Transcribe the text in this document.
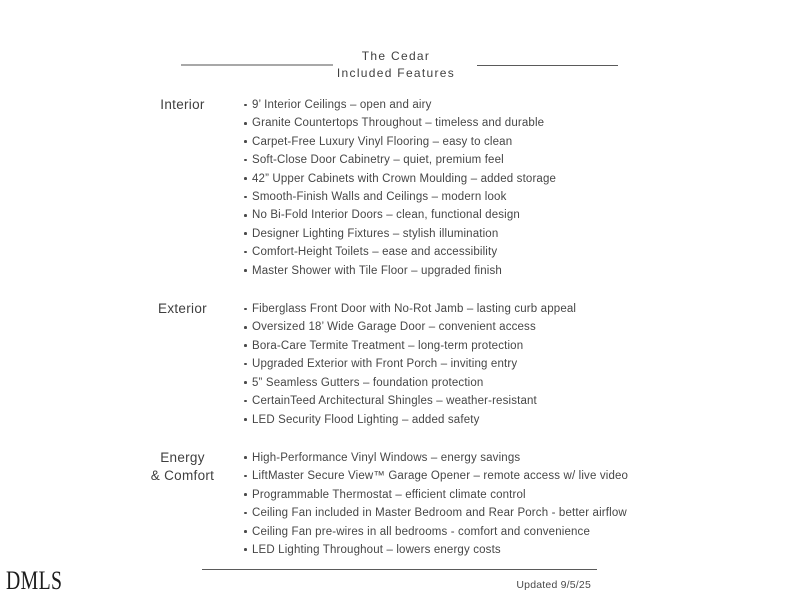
The Cedar
Included Features
Interior	9’ Interior Ceilings – open and airy
Granite Countertops Throughout – timeless and durable
Carpet-Free Luxury Vinyl Flooring – easy to clean
Soft-Close Door Cabinetry – quiet, premium feel
42” Upper Cabinets with Crown Moulding – added storage
Smooth-Finish Walls and Ceilings – modern look
No Bi-Fold Interior Doors – clean, functional design
Designer Lighting Fixtures – stylish illumination
Comfort-Height Toilets – ease and accessibility
Master Shower with Tile Floor – upgraded finish
Exterior	Fiberglass Front Door with No-Rot Jamb – lasting curb appeal
Oversized 18’ Wide Garage Door – convenient access
Bora-Care Termite Treatment – long-term protection
Upgraded Exterior with Front Porch – inviting entry
5” Seamless Gutters – foundation protection
CertainTeed Architectural Shingles – weather-resistant
LED Security Flood Lighting – added safety
Energy
& Comfort
High-Performance Vinyl Windows – energy savings
LiftMaster Secure View™ Garage Opener – remote access w/ live video
Programmable Thermostat – efficient climate control
Ceiling Fan included in Master Bedroom and Rear Porch - better airflow
Ceiling Fan pre-wires in all bedrooms - comfort and convenience
LED Lighting Throughout – lowers energy costs
DMLS	Updated 9/5/25
